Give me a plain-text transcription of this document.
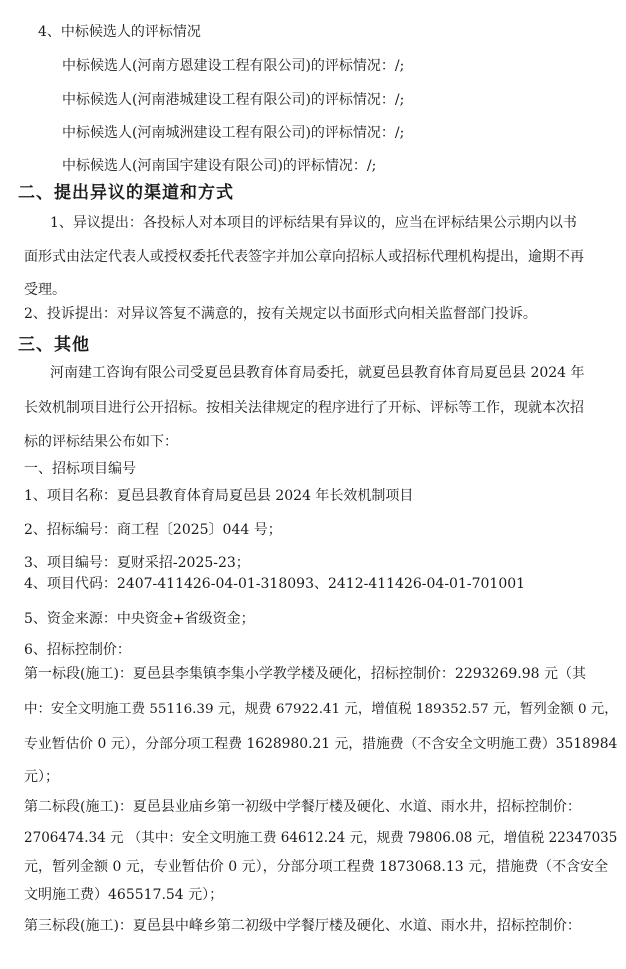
4、中标候选人的评标情况
中标候选人(河南方恩建设工程有限公司)的评标情况：/;
中标候选人(河南港城建设工程有限公司)的评标情况：/;
中标候选人(河南城洲建设工程有限公司)的评标情况：/;
中标候选人(河南国宇建设有限公司)的评标情况：/;
二、提出异议的渠道和方式
1、异议提出：各投标人对本项目的评标结果有异议的，应当在评标结果公示期内以书
面形式由法定代表人或授权委托代表签字并加公章向招标人或招标代理机构提出，逾期不再
受理。
2、投诉提出：对异议答复不满意的，按有关规定以书面形式向相关监督部门投诉。
三、其他
河南建工咨询有限公司受夏邑县教育体育局委托，就夏邑县教育体育局夏邑县 2024 年
长效机制项目进行公开招标。按相关法律规定的程序进行了开标、评标等工作，现就本次招
标的评标结果公布如下：
一、招标项目编号
1、项目名称：夏邑县教育体育局夏邑县 2024 年长效机制项目
2、招标编号：商工程〔2025〕044 号；
3、项目编号：夏财采招-2025-23；
4、项目代码：2407-411426-04-01-318093、2412-411426-04-01-701001
5、资金来源：中央资金+省级资金；
6、招标控制价：
第一标段(施工)：夏邑县李集镇李集小学教学楼及硬化，招标控制价：2293269.98 元（其
中：安全文明施工费 55116.39 元，规费 67922.41 元，增值税 189352.57 元，暂列金额 0 元，
专业暂估价 0 元），分部分项工程费 1628980.21 元，措施费（不含安全文明施工费）3518984
元）；
第二标段(施工)：夏邑县业庙乡第一初级中学餐厅楼及硬化、水道、雨水井，招标控制价：
2706474.34 元 （其中：安全文明施工费 64612.24 元，规费 79806.08 元，增值税 22347035
元，暂列金额 0 元，专业暂估价 0 元），分部分项工程费 1873068.13 元，措施费（不含安全
文明施工费）465517.54 元）；
第三标段(施工)：夏邑县中峰乡第二初级中学餐厅楼及硬化、水道、雨水井，招标控制价：
